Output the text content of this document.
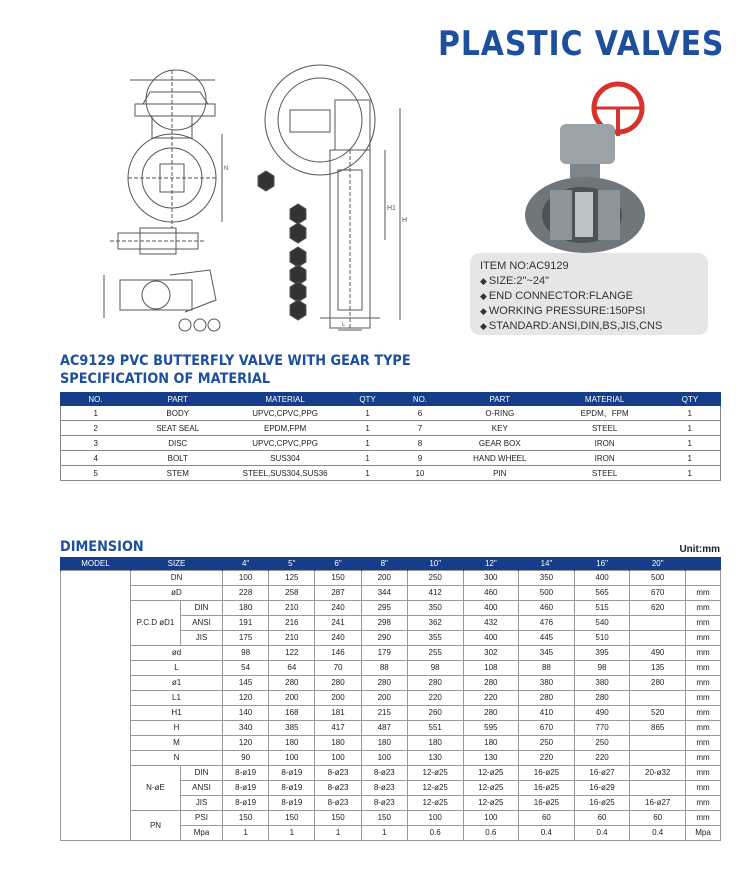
PLASTIC VALVES
N
H1
H
L
7
6
4
5
3
2
1
ITEM NO:AC9129
◆ SIZE:2"~24"
◆ END CONNECTOR:FLANGE
◆ WORKING PRESSURE:150PSI
◆ STANDARD:ANSI,DIN,BS,JIS,CNS
AC9129 PVC BUTTERFLY VALVE WITH GEAR TYPE
SPECIFICATION OF MATERIAL
NO.	PART	MATERIAL	QTY	NO.	PART	MATERIAL	QTY
1	BODY	UPVC,CPVC,PPG	1	6	O-RING	EPDM、FPM	1
2	SEAT SEAL	EPDM,FPM	1	7	KEY	STEEL	1
3	DISC	UPVC,CPVC,PPG	1	8	GEAR BOX	IRON	1
4	BOLT	SUS304	1	9	HAND WHEEL	IRON	1
5	STEM	STEEL,SUS304,SUS36	1	10	PIN	STEEL	1
DIMENSION	Unit:mm
MODEL	SIZE		4"	5"	6"	8"	10"	12"	14"	16"	20"	
	DN		100	125	150	200	250	300	350	400	500	
	øD		228	258	287	344	412	460	500	565	670	mm
	P.C.D øD1	DIN	180	210	240	295	350	400	460	515	620	mm
		ANSI	191	216	241	298	362	432	476	540		mm
		JIS	175	210	240	290	355	400	445	510		mm
	ød		98	122	146	179	255	302	345	395	490	mm
	L		54	64	70	88	98	108	88	98	135	mm
	ø1		145	280	280	280	280	280	380	380	280	mm
	L1		120	200	200	200	220	220	280	280		mm
	H1		140	168	181	215	260	280	410	490	520	mm
	H		340	385	417	487	551	595	670	770	865	mm
	M		120	180	180	180	180	180	250	250		mm
	N		90	100	100	100	130	130	220	220		mm
	N-øE	DIN	8-ø19	8-ø19	8-ø23	8-ø23	12-ø25	12-ø25	16-ø25	16-ø27	20-ø32	mm
		ANSI	8-ø19	8-ø19	8-ø23	8-ø23	12-ø25	12-ø25	16-ø25	16-ø29		mm
		JIS	8-ø19	8-ø19	8-ø23	8-ø23	12-ø25	12-ø25	16-ø25	16-ø25	16-ø27	mm
	PN	PSI	150	150	150	150	100	100	60	60	60	mm
		Mpa	1	1	1	1	0.6	0.6	0.4	0.4	0.4	Mpa
